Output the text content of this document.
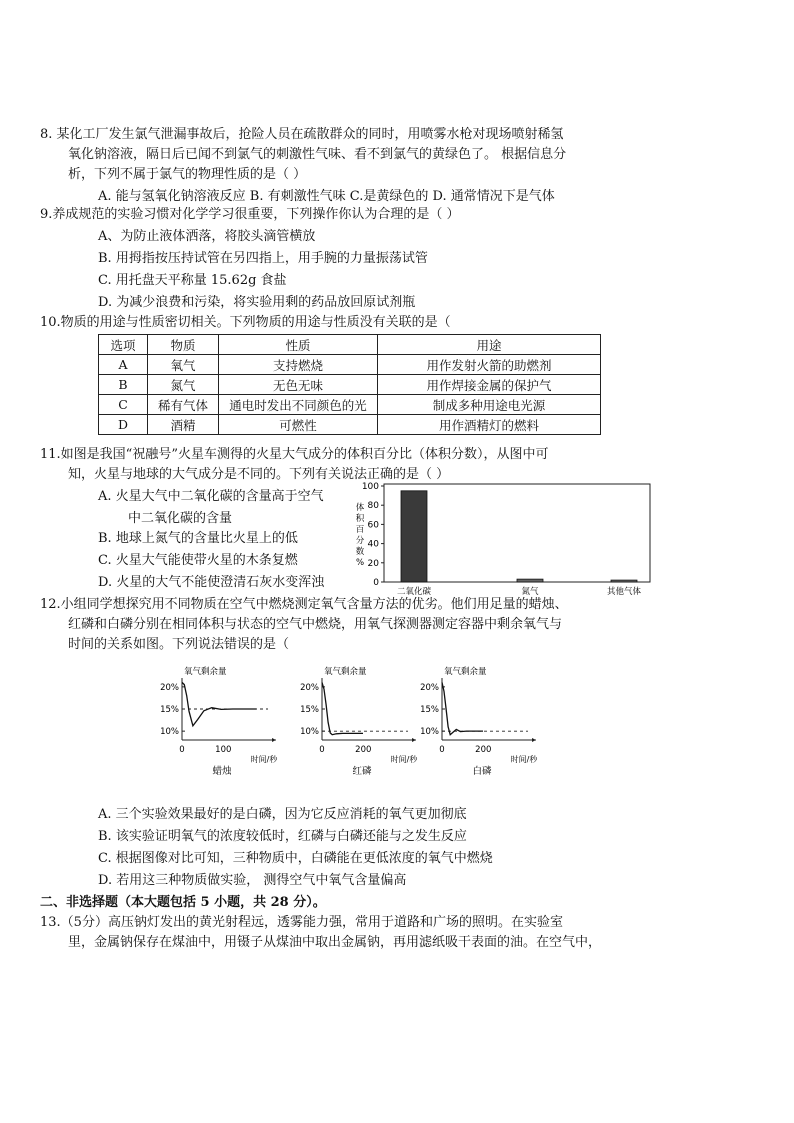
8. 某化工厂发生氯气泄漏事故后，抢险人员在疏散群众的同时，用喷雾水枪对现场喷射稀氢
氧化钠溶液，隔日后已闻不到氯气的刺激性气味、看不到氯气的黄绿色了。 根据信息分
析，下列不属于氯气的物理性质的是（ ）
A. 能与氢氧化钠溶液反应 B. 有刺激性气味 C.是黄绿色的 D. 通常情况下是气体
9.养成规范的实验习惯对化学学习很重要，下列操作你认为合理的是（ ）
A、为防止液体洒落，将胶头滴管横放
B. 用拇指按压持试管在另四指上，用手腕的力量振荡试管
C. 用托盘天平称量 15.62g 食盐
D. 为减少浪费和污染，将实验用剩的药品放回原试剂瓶
10.物质的用途与性质密切相关。下列物质的用途与性质没有关联的是（
选项	物质	性质	用途
A	氧气	支持燃烧	用作发射火箭的助燃剂
B	氮气	无色无味	用作焊接金属的保护气
C	稀有气体	通电时发出不同颜色的光	制成多种用途电光源
D	酒精	可燃性	用作酒精灯的燃料
11.如图是我国“祝融号”火星车测得的火星大气成分的体积百分比（体积分数），从图中可
知，火星与地球的大气成分是不同的。下列有关说法正确的是（ ）
A. 火星大气中二氧化碳的含量高于空气
中二氧化碳的含量
B. 地球上氮气的含量比火星上的低
C. 火星大气能使带火星的木条复燃
D. 火星的大气不能使澄清石灰水变浑浊	0
20
40
60
80
100
体
积
百
分
数
%
二氧化碳	氮气	其他气体
12.小组同学想探究用不同物质在空气中燃烧测定氧气含量方法的优劣。他们用足量的蜡烛、
红磷和白磷分别在相同体积与状态的空气中燃烧，用氧气探测器测定容器中剩余氧气与
时间的关系如图。下列说法错误的是（
氧气剩余量
10%
15%
20%
0	100
时间/秒
蜡烛
氧气剩余量
10%
15%
20%
0	200
时间/秒
红磷
氧气剩余量
10%
15%
20%
0	200
时间/秒
白磷
A. 三个实验效果最好的是白磷，因为它反应消耗的氧气更加彻底
B. 该实验证明氧气的浓度较低时，红磷与白磷还能与之发生反应
C. 根据图像对比可知，三种物质中，白磷能在更低浓度的氧气中燃烧
D. 若用这三种物质做实验， 测得空气中氧气含量偏高
二、非选择题（本大题包括 5 小题，共 28 分）。
13.（5分）高压钠灯发出的黄光射程远，透雾能力强，常用于道路和广场的照明。在实验室
里，金属钠保存在煤油中，用镊子从煤油中取出金属钠，再用滤纸吸干表面的油。在空气中，
